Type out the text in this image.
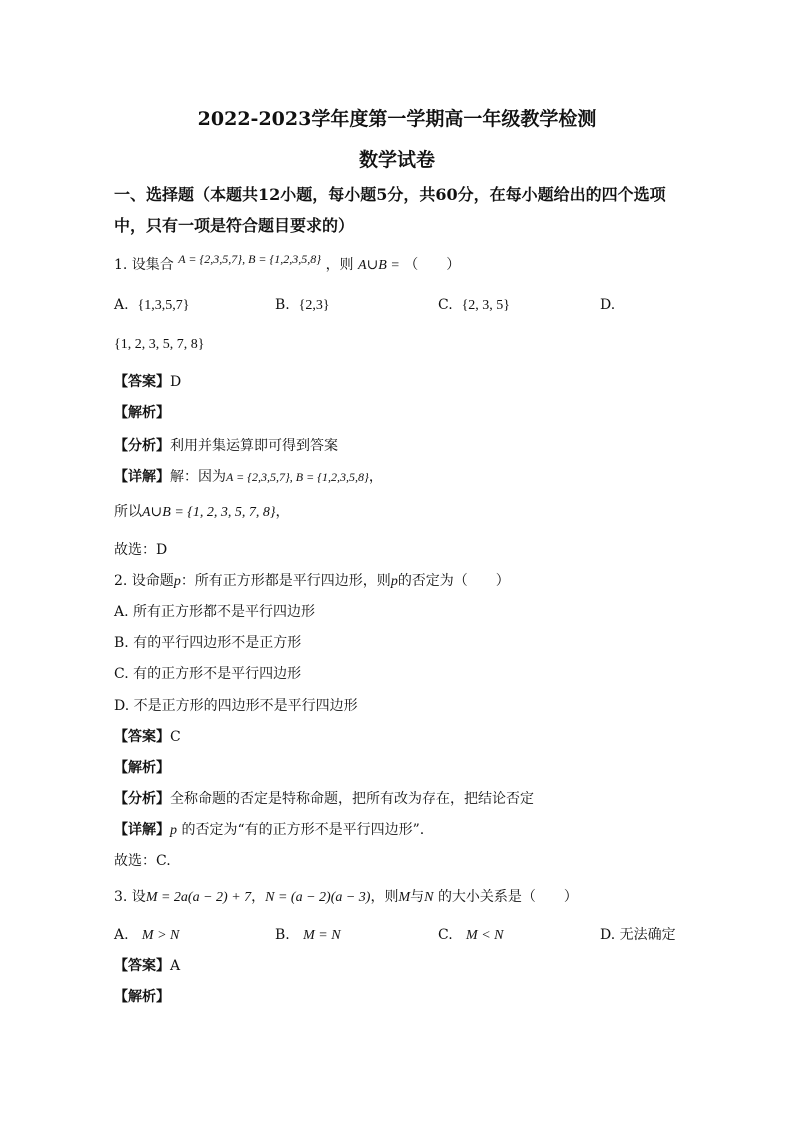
2022-2023学年度第一学期高一年级教学检测
数学试卷
一、选择题（本题共12小题，每小题5分，共60分，在每小题给出的四个选项
中，只有一项是符合题目要求的）
1. 设集合 A = {2,3,5,7}, B = {1,2,3,5,8} ，则 A∪B = （　　）
A. {1,3,5,7}	B. {2,3}	C. {2, 3, 5}	D.
{1, 2, 3, 5, 7, 8}
【答案】D
【解析】
【分析】利用并集运算即可得到答案
【详解】解：因为A = {2,3,5,7}, B = {1,2,3,5,8}，
所以A∪B = {1, 2, 3, 5, 7, 8}，
故选：D
2. 设命题p：所有正方形都是平行四边形，则p的否定为（　　）
A. 所有正方形都不是平行四边形
B. 有的平行四边形不是正方形
C. 有的正方形不是平行四边形
D. 不是正方形的四边形不是平行四边形
【答案】C
【解析】
【分析】全称命题的否定是特称命题，把所有改为存在，把结论否定
【详解】p 的否定为“有的正方形不是平行四边形”.
故选：C.
3. 设M = 2a(a − 2) + 7，N = (a − 2)(a − 3)，则M与N 的大小关系是（　　）
A. M > N	B. M = N	C. M < N	D. 无法确定
【答案】A
【解析】
